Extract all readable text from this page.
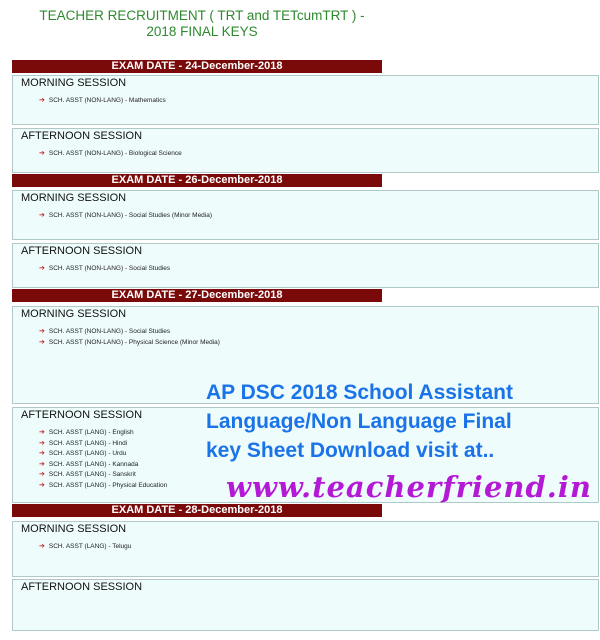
TEACHER RECRUITMENT ( TRT and TETcumTRT ) -
2018 FINAL KEYS
EXAM DATE - 24-December-2018
MORNING SESSION
➔ SCH. ASST (NON-LANG) - Mathematics
AFTERNOON SESSION
➔ SCH. ASST (NON-LANG) - Biological Science
EXAM DATE - 26-December-2018
MORNING SESSION
➔ SCH. ASST (NON-LANG) - Social Studies (Minor Media)
AFTERNOON SESSION
➔ SCH. ASST (NON-LANG) - Social Studies
EXAM DATE - 27-December-2018
MORNING SESSION
➔ SCH. ASST (NON-LANG) - Social Studies
➔ SCH. ASST (NON-LANG) - Physical Science (Minor Media)
AFTERNOON SESSION
➔ SCH. ASST (LANG) - English
➔ SCH. ASST (LANG) - Hindi
➔ SCH. ASST (LANG) - Urdu
➔ SCH. ASST (LANG) - Kannada
➔ SCH. ASST (LANG) - Sanskrit
➔ SCH. ASST (LANG) - Physical Education
EXAM DATE - 28-December-2018
MORNING SESSION
➔ SCH. ASST (LANG) - Telugu
AFTERNOON SESSION
AP DSC 2018 School Assistant
Language/Non Language Final
key Sheet Download visit at..
www.teacherfriend.in
